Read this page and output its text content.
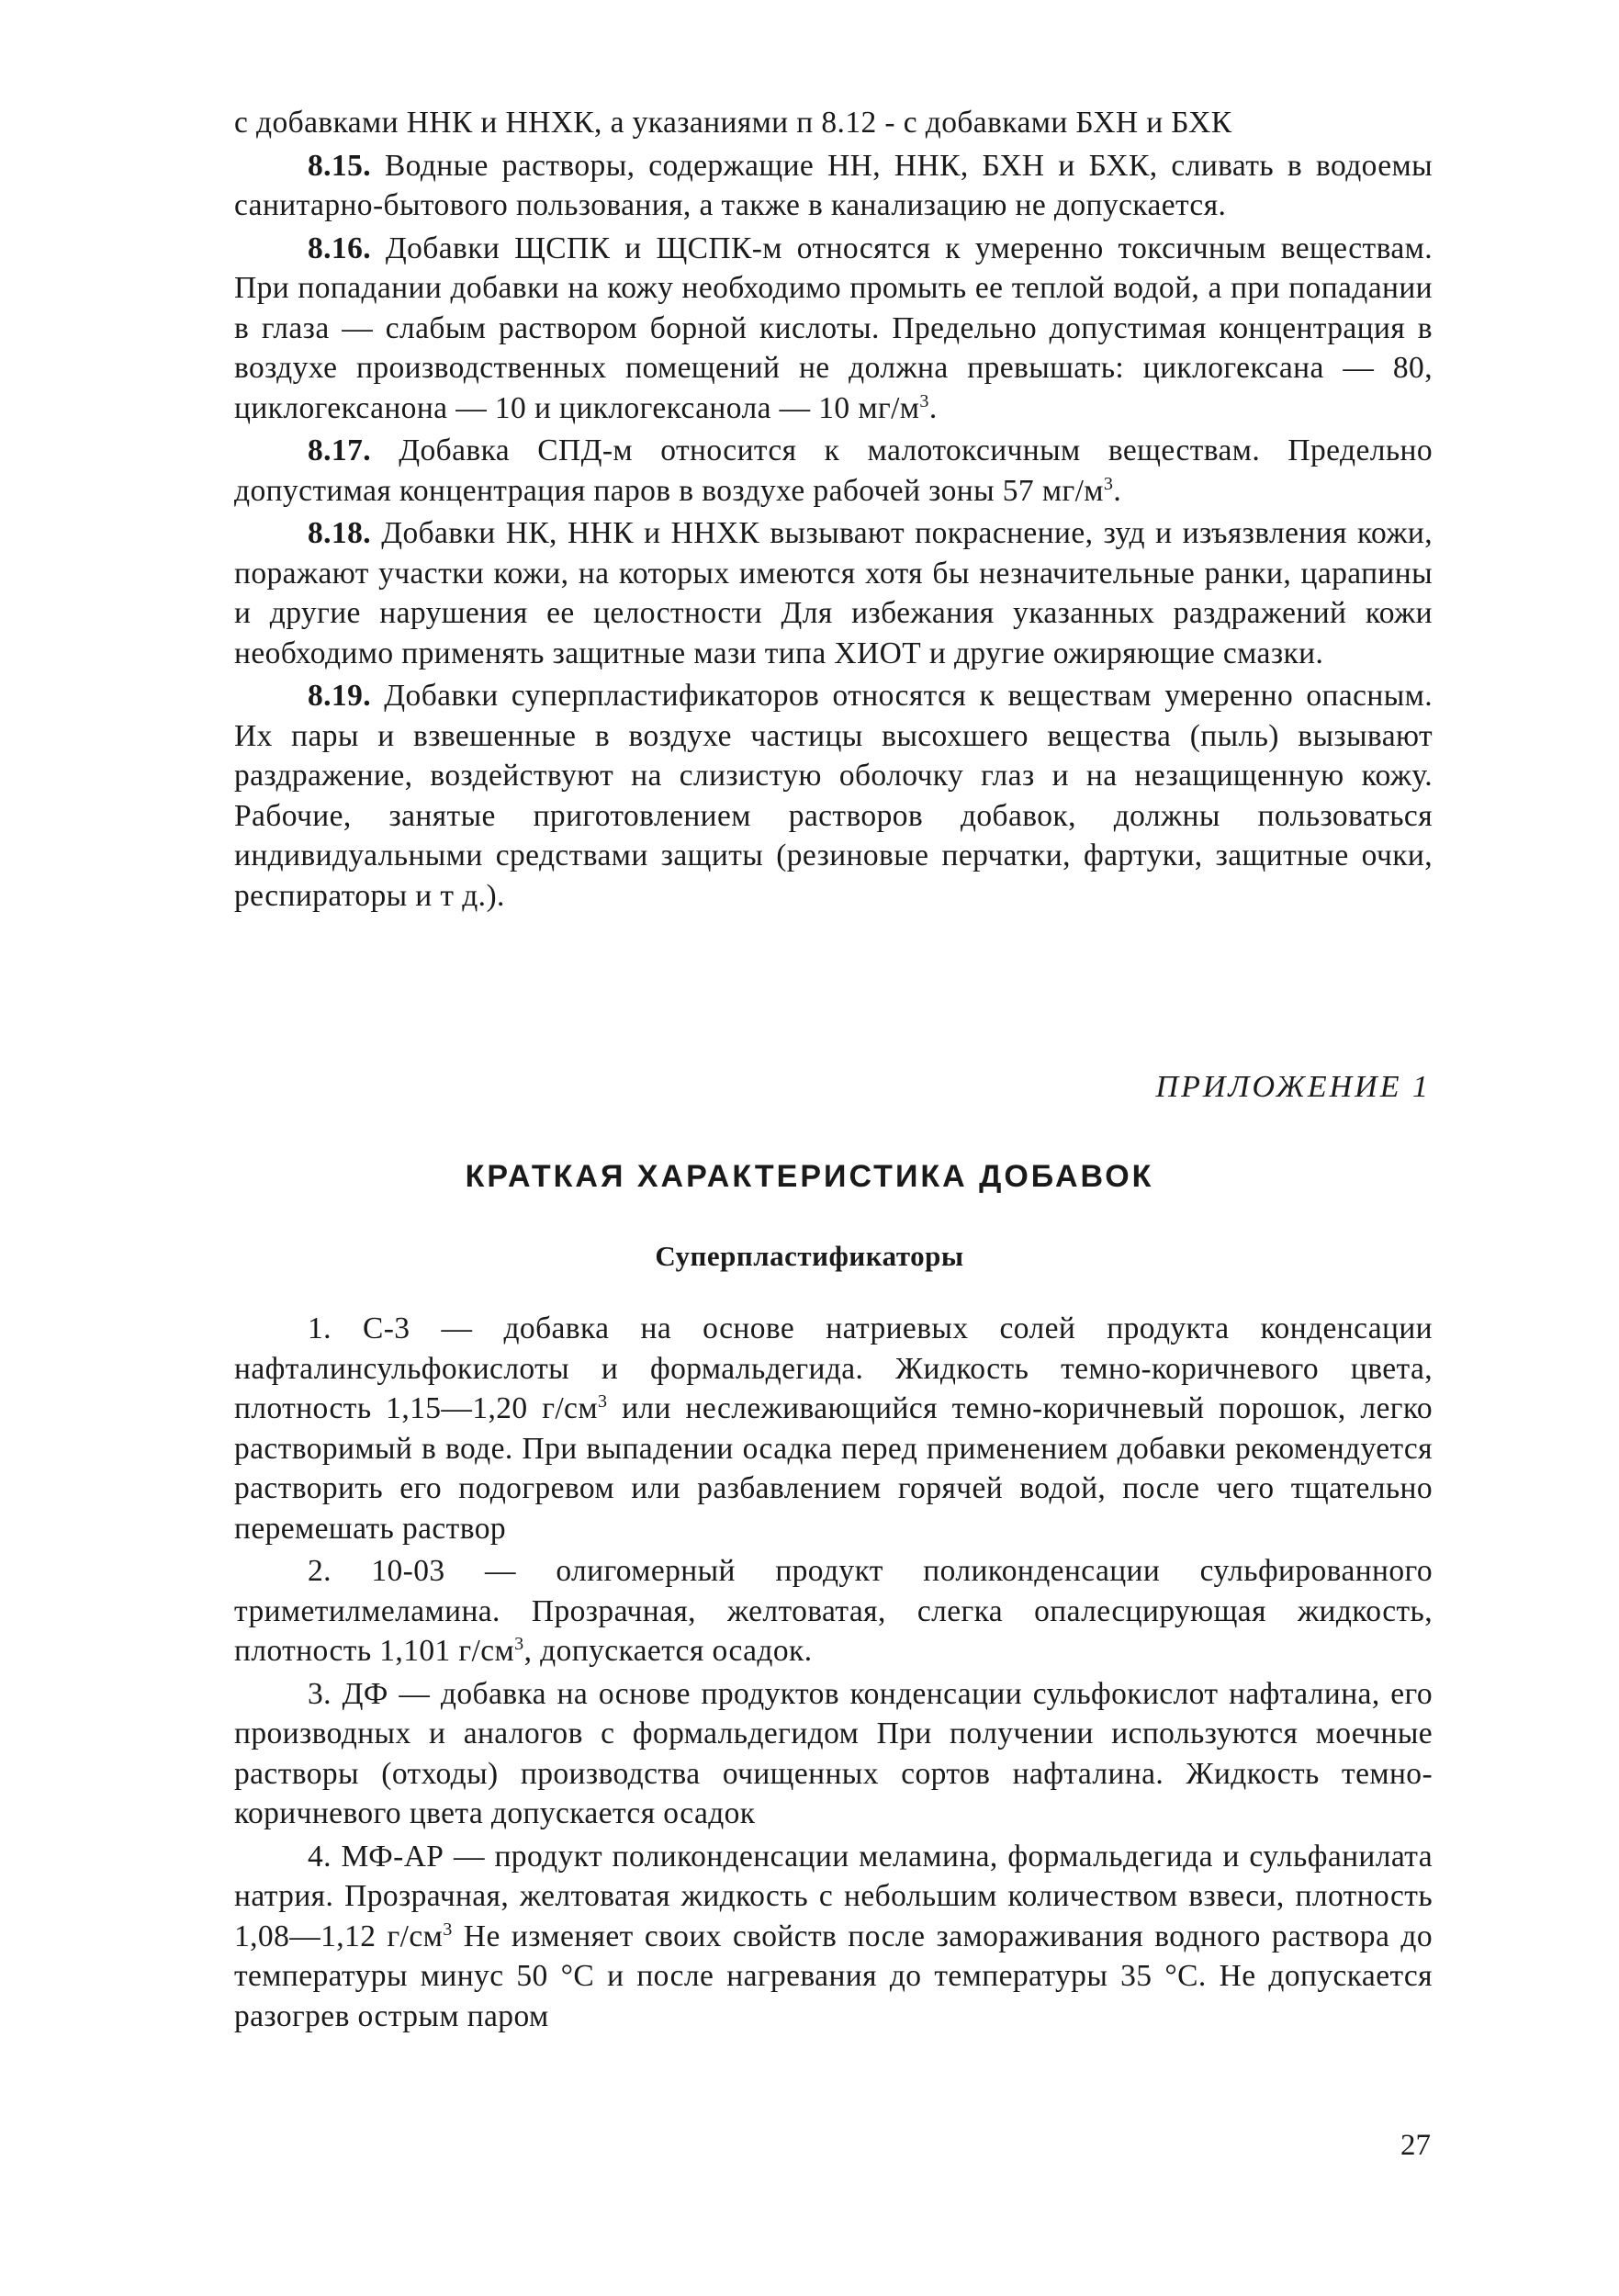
с добавками ННК и ННХК, а указаниями п 8.12 - с добавками БХН и БХК

8.15. Водные растворы, содержащие НН, ННК, БХН и БХК, сливать в водоемы санитарно-бытового пользования, а также в канализацию не допускается.

8.16. Добавки ЩСПК и ЩСПК-м относятся к умеренно токсичным веществам. При попадании добавки на кожу необходимо промыть ее теплой водой, а при попадании в глаза — слабым раствором борной кислоты. Предельно допустимая концентрация в воздухе производственных помещений не должна превышать: циклогексана — 80, циклогексанона — 10 и циклогексанола — 10 $мг/м^3$.

8.17. Добавка СПД-м относится к малотоксичным веществам. Предельно допустимая концентрация паров в воздухе рабочей зоны 57 $мг/м^3$.

8.18. Добавки НК, ННК и ННХК вызывают покраснение, зуд и изъязвления кожи, поражают участки кожи, на которых имеются хотя бы незначительные ранки, царапины и другие нарушения ее целостности Для избежания указанных раздражений кожи необходимо применять защитные мази типа ХИОТ и другие ожиряющие смазки.

8.19. Добавки суперпластификаторов относятся к веществам умеренно опасным. Их пары и взвешенные в воздухе частицы высохшего вещества (пыль) вызывают раздражение, воздействуют на слизистую оболочку глаз и на незащищенную кожу. Рабочие, занятые приготовлением растворов добавок, должны пользоваться индивидуальными средствами защиты (резиновые перчатки, фартуки, защитные очки, респираторы и т д.).

ПРИЛОЖЕНИЕ 1
КРАТКАЯ ХАРАКТЕРИСТИКА ДОБАВОК
Суперпластификаторы

1. С-3 — добавка на основе натриевых солей продукта конденсации нафталинсульфокислоты и формальдегида. Жидкость темно-коричневого цвета, плотность 1,15—1,20 $г/см^3$ или неслеживающийся темно-коричневый порошок, легко растворимый в воде. При выпадении осадка перед применением добавки рекомендуется растворить его подогревом или разбавлением горячей водой, после чего тщательно перемешать раствор

2. 10-03 — олигомерный продукт поликонденсации сульфированного триметилмеламина. Прозрачная, желтоватая, слегка опалесцирующая жидкость, плотность 1,101 $г/см^3$, допускается осадок.

3. ДФ — добавка на основе продуктов конденсации сульфокислот нафталина, его производных и аналогов с формальдегидом При получении используются моечные растворы (отходы) производства очищенных сортов нафталина. Жидкость темно-коричневого цвета допускается осадок

4. МФ-АР — продукт поликонденсации меламина, формальдегида и сульфанилата натрия. Прозрачная, желтоватая жидкость с небольшим количеством взвеси, плотность 1,08—1,12 $г/см^3$ Не изменяет своих свойств после замораживания водного раствора до температуры минус 50 °С и после нагревания до температуры 35 °С. Не допускается разогрев острым паром

27
